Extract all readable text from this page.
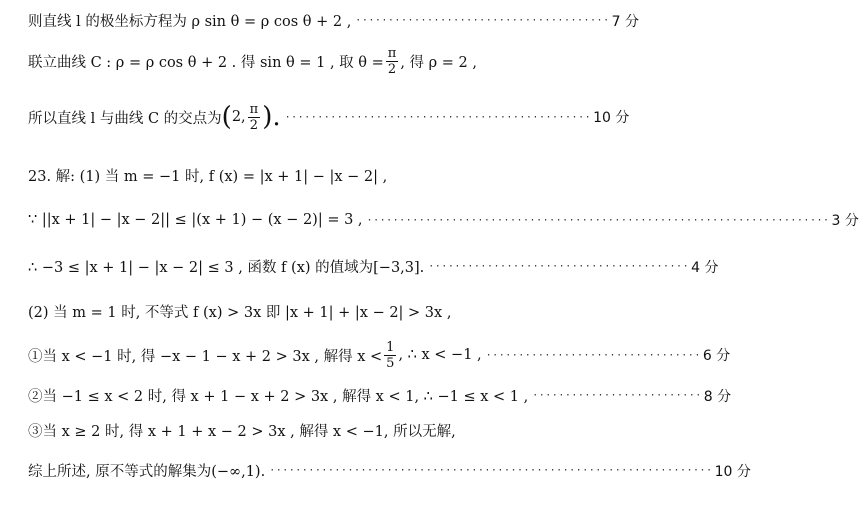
则直线 l 的极坐标方程为 ρ sin θ = ρ cos θ + 2 , ······································· 7 分
联立曲线 C : ρ = ρ cos θ + 2 . 得 sin θ = 1 , 取 $\theta = \frac{\pi}{2}$ , 得 ρ = 2 ,
所以直线 l 与曲线 C 的交点为 ( 2, $\frac{\pi}{2}$ ). ··············································· 10 分
23. 解: (1) 当 m = −1 时, f (x) = |x + 1| − |x − 2| ,
∵ ||x + 1| − |x − 2|| ≤ |(x + 1) − (x − 2)| = 3 , ······································································· 3 分
∴ −3 ≤ |x + 1| − |x − 2| ≤ 3 , 函数 f (x) 的值域为[−3,3]. ········································ 4 分
(2) 当 m = 1 时, 不等式 f (x) > 3x 即 |x + 1| + |x − 2| > 3x ,
①当 x < −1 时, 得 −x − 1 − x + 2 > 3x , 解得 $x < \frac{1}{5}$ , ∴ x < −1 , ································· 6 分
②当 −1 ≤ x < 2 时, 得 x + 1 − x + 2 > 3x , 解得 x < 1, ∴ −1 ≤ x < 1 , ·························· 8 分
③当 x ≥ 2 时, 得 x + 1 + x − 2 > 3x , 解得 x < −1, 所以无解,
综上所述, 原不等式的解集为(−∞,1). ···································································· 10 分
